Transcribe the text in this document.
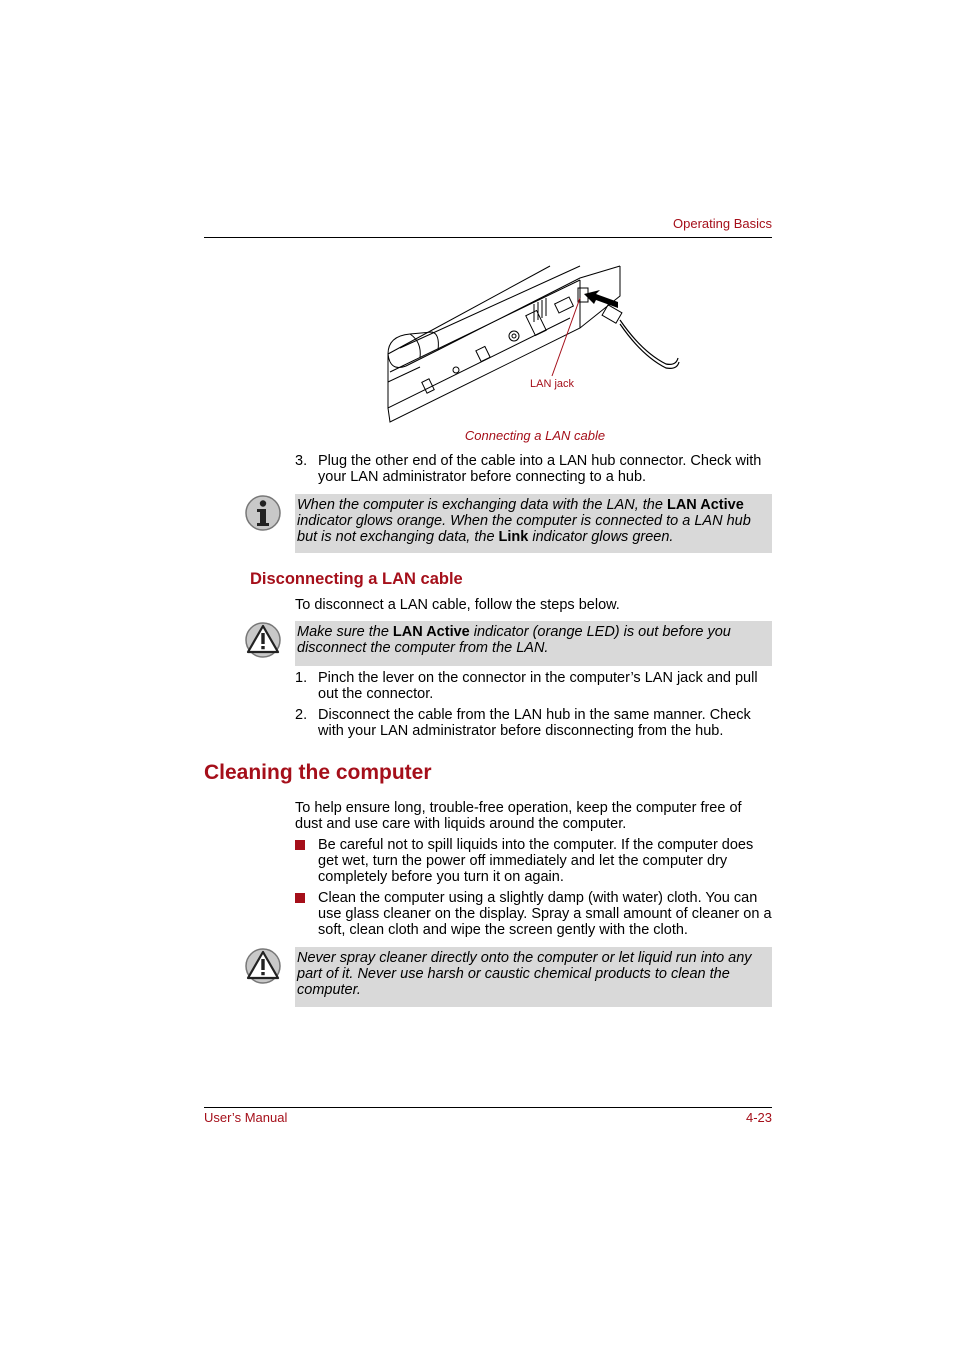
Operating Basics
LAN jack
Connecting a LAN cable
3. Plug the other end of the cable into a LAN hub connector. Check with your LAN administrator before connecting to a hub.
When the computer is exchanging data with the LAN, the LAN Active indicator glows orange. When the computer is connected to a LAN hub but is not exchanging data, the Link indicator glows green.
Disconnecting a LAN cable
To disconnect a LAN cable, follow the steps below.
Make sure the LAN Active indicator (orange LED) is out before you disconnect the computer from the LAN.
1. Pinch the lever on the connector in the computer’s LAN jack and pull out the connector.
2. Disconnect the cable from the LAN hub in the same manner. Check with your LAN administrator before disconnecting from the hub.
Cleaning the computer
To help ensure long, trouble-free operation, keep the computer free of dust and use care with liquids around the computer.
Be careful not to spill liquids into the computer. If the computer does get wet, turn the power off immediately and let the computer dry completely before you turn it on again.
Clean the computer using a slightly damp (with water) cloth. You can use glass cleaner on the display. Spray a small amount of cleaner on a soft, clean cloth and wipe the screen gently with the cloth.
Never spray cleaner directly onto the computer or let liquid run into any part of it. Never use harsh or caustic chemical products to clean the computer.
User’s Manual	4-23
